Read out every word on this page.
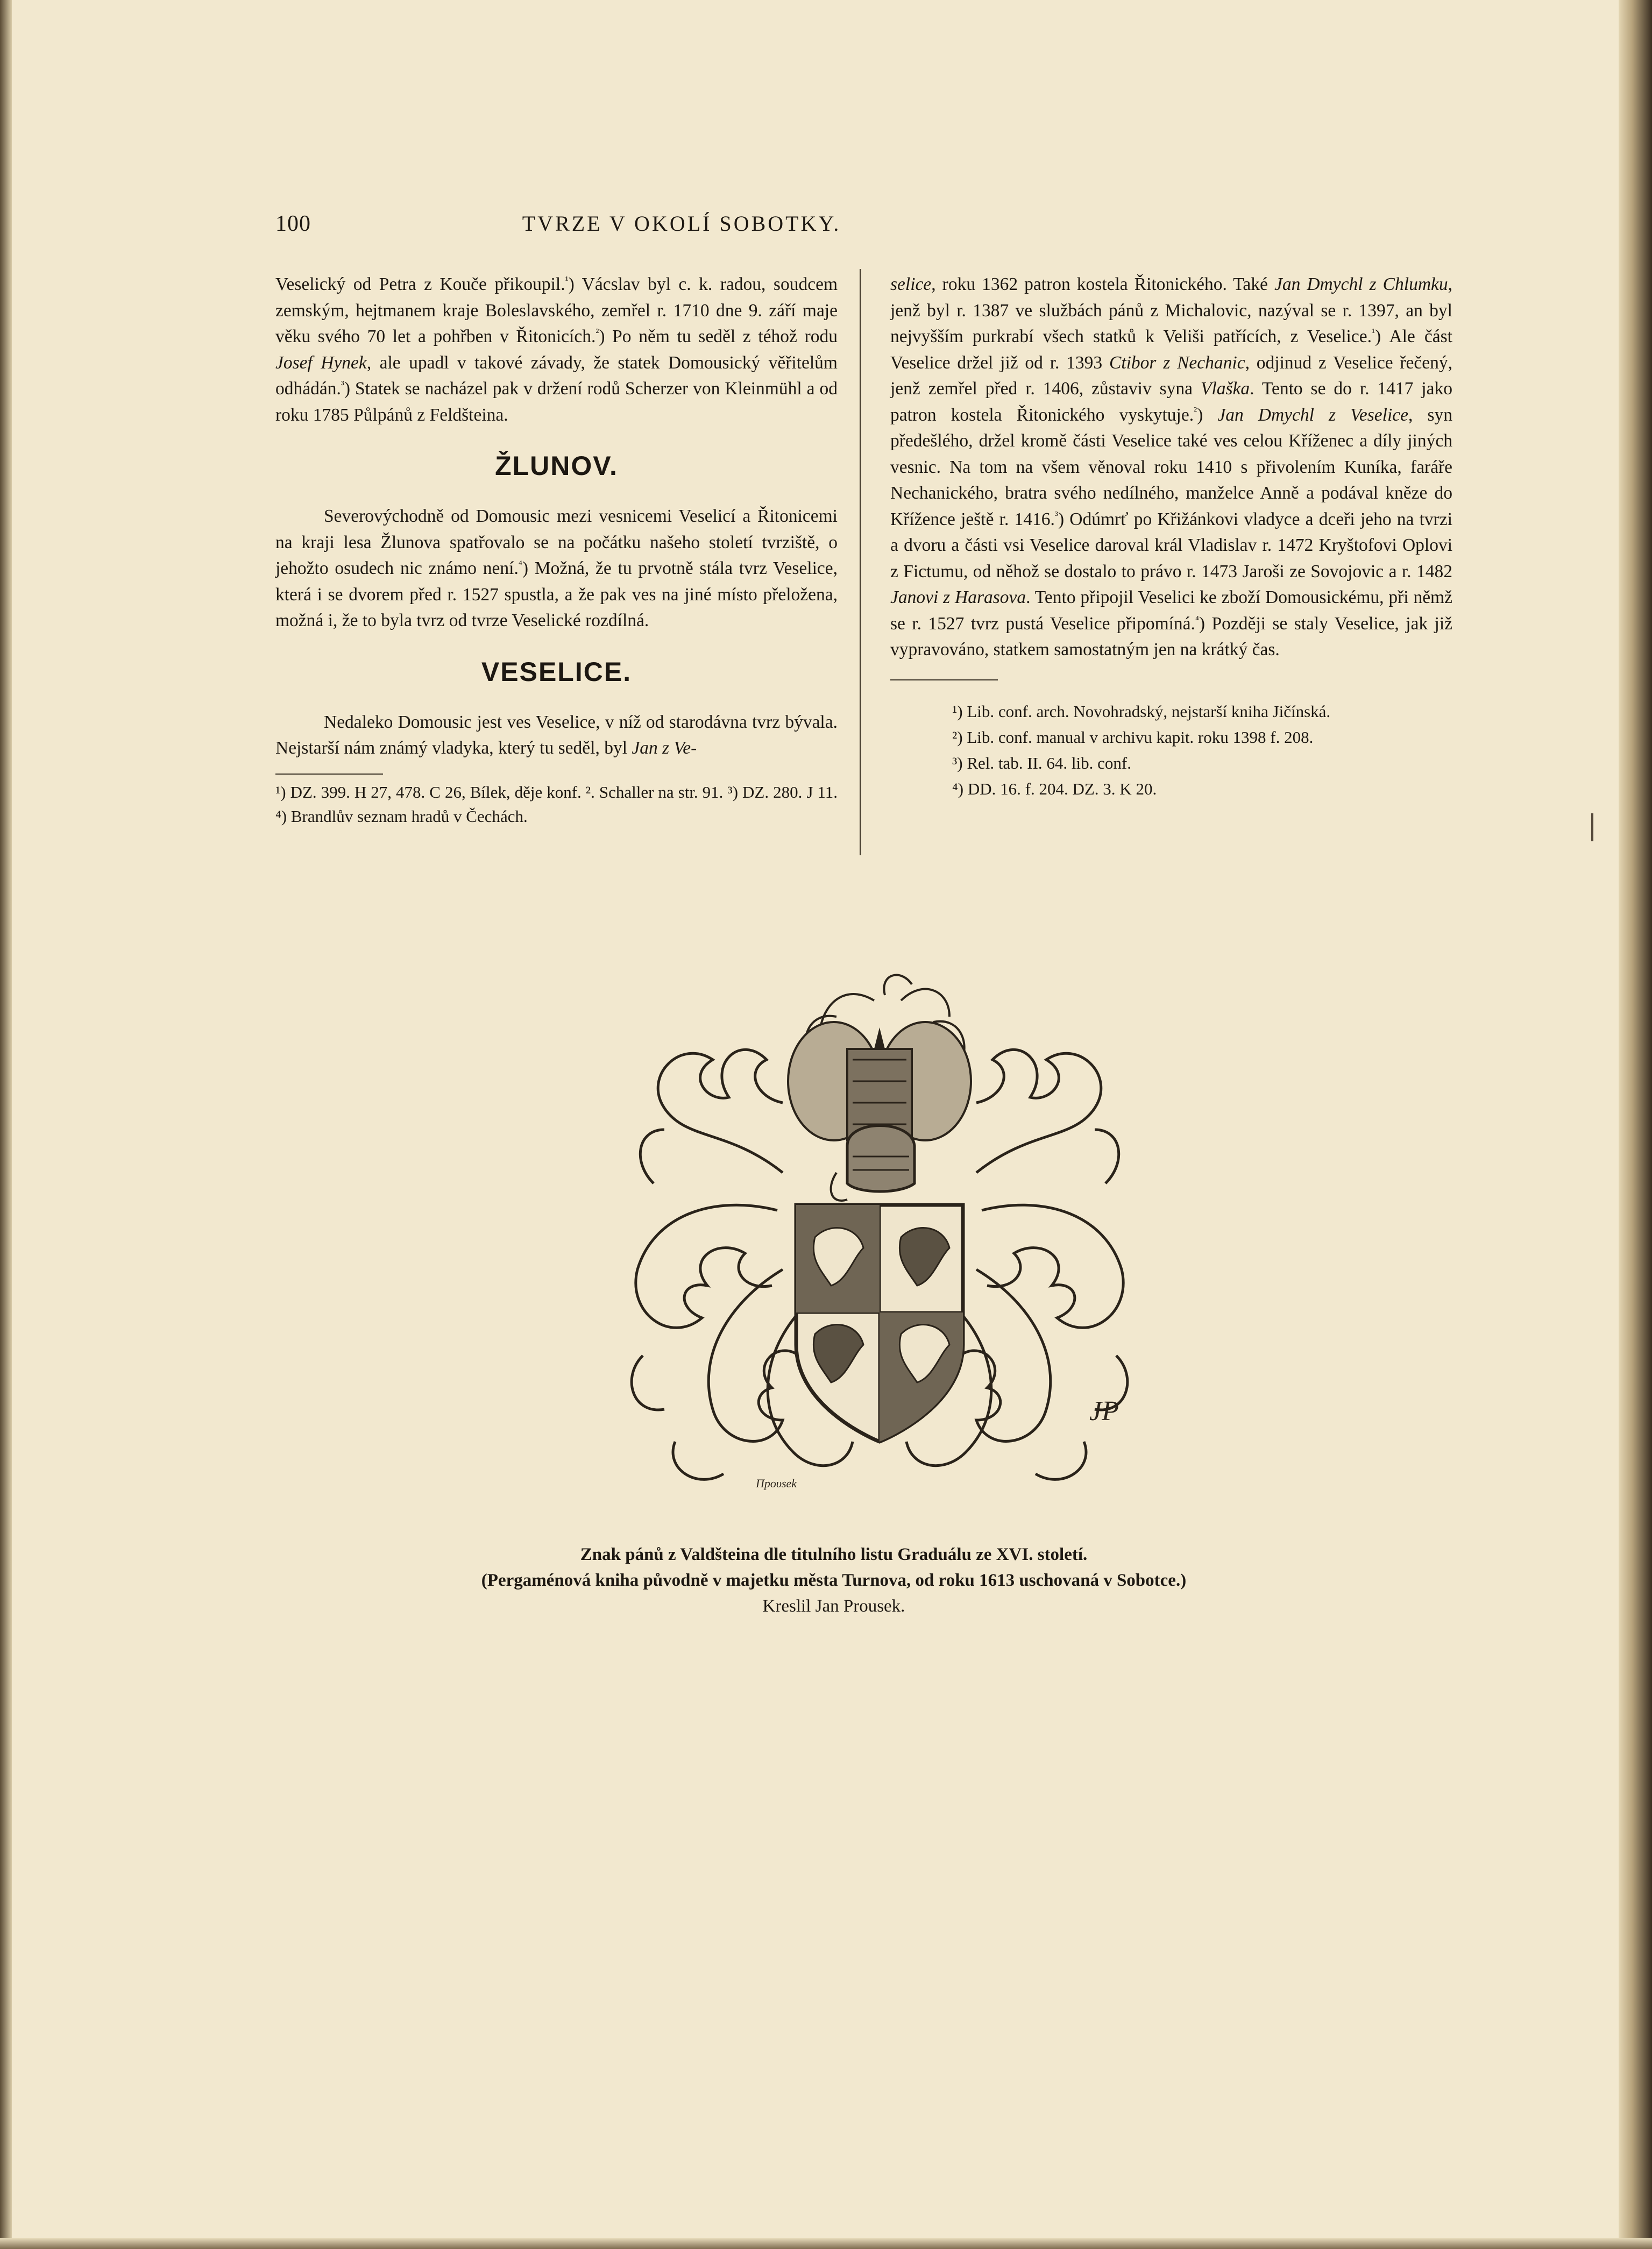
100	TVRZE V OKOLÍ SOBOTKY.

Veselický od Petra z Kouče přikoupil.$^{^1}$) Vácslav byl c. k. radou, soudcem zemským, hejtmanem kraje Boleslavského, zemřel r. 1710 dne 9. září maje věku svého 70 let a pohřben v Řitonicích.$^{^2}$) Po něm tu seděl z téhož rodu Josef Hynek, ale upadl v takové závady, že statek Domousický věřitelům odhádán.$^{^3}$) Statek se nacházel pak v držení rodů Scherzer von Kleinmühl a od roku 1785 Půlpánů z Feldšteina.

ŽLUNOV.

Severovýchodně od Domousic mezi vesnicemi Veselicí a Řitonicemi na kraji lesa Žlunova spatřovalo se na počátku našeho století tvrziště, o jehožto osudech nic známo není.$^{^4}$) Možná, že tu prvotně stála tvrz Veselice, která i se dvorem před r. 1527 spustla, a že pak ves na jiné místo přeložena, možná i, že to byla tvrz od tvrze Veselické rozdílná.

VESELICE.

Nedaleko Domousic jest ves Veselice, v níž od starodávna tvrz bývala. Nejstarší nám známý vladyka, který tu seděl, byl Jan z Ve-

¹) DZ. 399. H 27, 478. C 26, Bílek, děje konf. ². Schaller na str. 91. ³) DZ. 280. J 11. ⁴) Brandlův seznam hradů v Čechách.

selice, roku 1362 patron kostela Řitonického. Také Jan Dmychl z Chlumku, jenž byl r. 1387 ve službách pánů z Michalovic, nazýval se r. 1397, an byl nejvyšším purkrabí všech statků k Veliši patřících, z Veselice.$^{^1}$) Ale část Veselice držel již od r. 1393 Ctibor z Nechanic, odjinud z Veselice řečený, jenž zemřel před r. 1406, zůstaviv syna Vlaška. Tento se do r. 1417 jako patron kostela Řitonického vyskytuje.$^{^2}$) Jan Dmychl z Veselice, syn předešlého, držel kromě části Veselice také ves celou Kříženec a díly jiných vesnic. Na tom na všem věnoval roku 1410 s přivolením Kuníka, faráře Nechanického, bratra svého nedílného, manželce Anně a podával kněze do Křížence ještě r. 1416.$^{^3}$) Odúmrť po Křižánkovi vladyce a dceři jeho na tvrzi a dvoru a části vsi Veselice daroval král Vladislav r. 1472 Kryštofovi Oplovi z Fictumu, od něhož se dostalo to právo r. 1473 Jaroši ze Sovojovic a r. 1482 Janovi z Harasova. Tento připojil Veselici ke zboží Domousickému, při němž se r. 1527 tvrz pustá Veselice připomíná.$^{^4}$) Později se staly Veselice, jak již vypravováno, statkem samostatným jen na krátký čas.

¹) Lib. conf. arch. Novohradský, nejstarší kniha Jičínská.
²) Lib. conf. manual v archivu kapit. roku 1398 f. 208.
³) Rel. tab. II. 64. lib. conf.
⁴) DD. 16. f. 204. DZ. 3. K 20.
JP
Прoυsek
Znak pánů z Valdšteina dle titulního listu Graduálu ze XVI. století.
(Pergaménová kniha původně v majetku města Turnova, od roku 1613 uschovaná v Sobotce.)
Kreslil Jan Prousek.
